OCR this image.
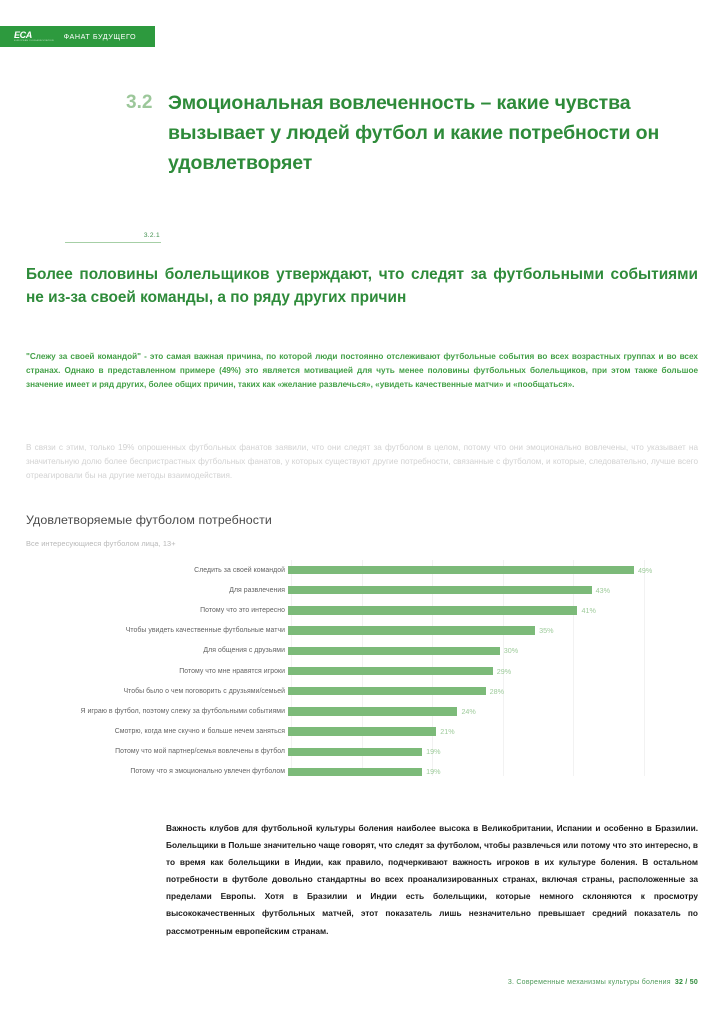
ECA
EUROPEAN CLUB ASSOCIATION ФАНАТ БУДУЩЕГО
3.2 Эмоциональная вовлеченность – какие чувства вызывает у людей футбол и какие потребности он удовлетворяет
3.2.1
Более половины болельщиков утверждают, что следят за футбольными событиями не из-за своей команды, а по ряду других причин
"Слежу за своей командой" - это самая важная причина, по которой люди постоянно отслеживают футбольные события во всех возрастных группах и во всех странах. Однако в представленном примере (49%) это является мотивацией для чуть менее половины футбольных болельщиков, при этом также большое значение имеет и ряд других, более общих причин, таких как «желание развлечься», «увидеть качественные матчи» и «пообщаться».
В связи с этим, только 19% опрошенных футбольных фанатов заявили, что они следят за футболом в целом, потому что они эмоционально вовлечены, что указывает на значительную долю более беспристрастных футбольных фанатов, у которых существуют другие потребности, связанные с футболом, и которые, следовательно, лучше всего отреагировали бы на другие методы взаимодействия.
Удовлетворяемые футболом потребности
Все интересующиеся футболом лица, 13+
Следить за своей командой	49%
Для развлечения	43%
Потому что это интересно	41%
Чтобы увидеть качественные футбольные матчи	35%
Для общения с друзьями	30%
Потому что мне нравятся игроки	29%
Чтобы было о чем поговорить с друзьями/семьей	28%
Я играю в футбол, поэтому слежу за футбольными событиями	24%
Смотрю, когда мне скучно и больше нечем заняться	21%
Потому что мой партнер/семья вовлечены в футбол	19%
Потому что я эмоционально увлечен футболом	19%
Важность клубов для футбольной культуры боления наиболее высока в Великобритании, Испании и особенно в Бразилии. Болельщики в Польше значительно чаще говорят, что следят за футболом, чтобы развлечься или потому что это интересно, в то время как болельщики в Индии, как правило, подчеркивают важность игроков в их культуре боления. В остальном потребности в футболе довольно стандартны во всех проанализированных странах, включая страны, расположенные за пределами Европы. Хотя в Бразилии и Индии есть болельщики, которые немного склоняются к просмотру высококачественных футбольных матчей, этот показатель лишь незначительно превышает средний показатель по рассмотренным европейским странам.
3. Современные механизмы культуры боления 32 / 50
